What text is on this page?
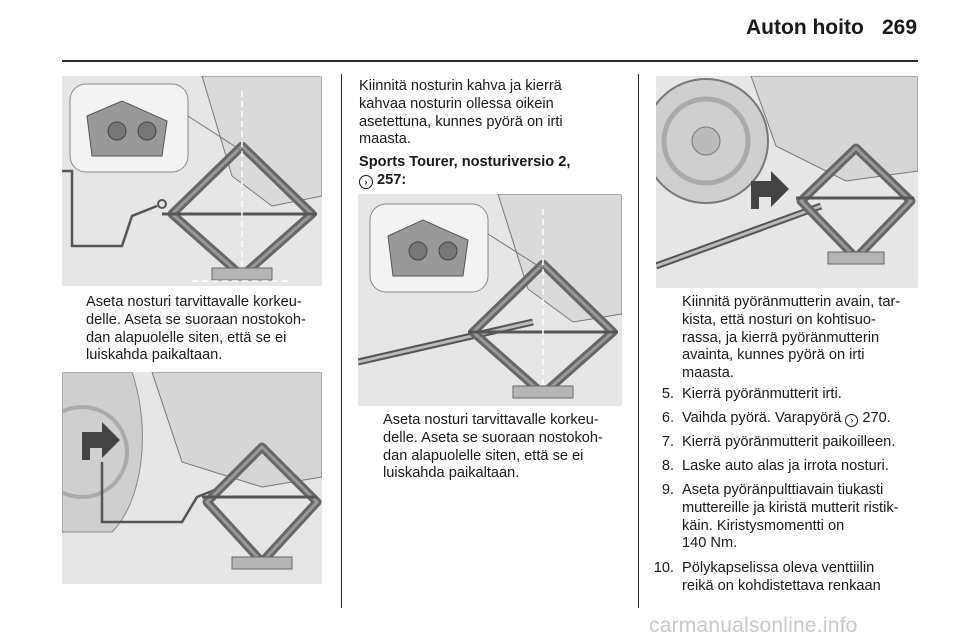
Auton hoito 269
Aseta nosturi tarvittavalle korkeu-
delle. Aseta se suoraan nostokoh-
dan alapuolelle siten, että se ei
luiskahda paikaltaan.
Kiinnitä nosturin kahva ja kierrä
kahvaa nosturin ollessa oikein
asetettuna, kunnes pyörä on irti
maasta.
Sports Tourer, nosturiversio 2,
› 257:
Aseta nosturi tarvittavalle korkeu-
delle. Aseta se suoraan nostokoh-
dan alapuolelle siten, että se ei
luiskahda paikaltaan.
Kiinnitä pyöränmutterin avain, tar-
kista, että nosturi on kohtisuo-
rassa, ja kierrä pyöränmutterin
avainta, kunnes pyörä on irti
maasta.
5. Kierrä pyöränmutterit irti.
6. Vaihda pyörä. Varapyörä › 270.
7. Kierrä pyöränmutterit paikoilleen.
8. Laske auto alas ja irrota nosturi.
9. Aseta pyöränpulttiavain tiukasti
muttereille ja kiristä mutterit ristik-
käin. Kiristysmomentti on
140 Nm.
10. Pölykapselissa oleva venttiilin
reikä on kohdistettava renkaan
carmanualsonline.info
